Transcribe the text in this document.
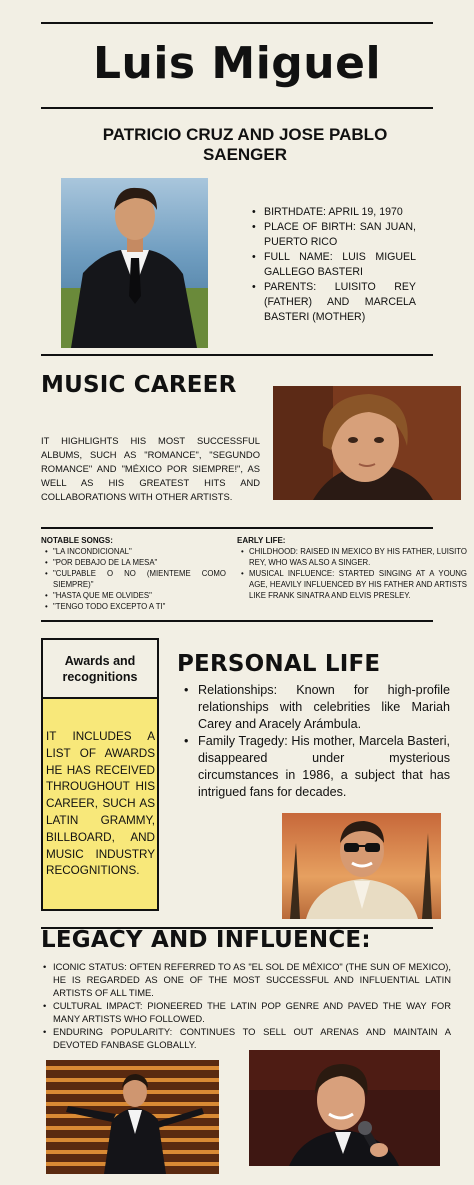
Luis Miguel
PATRICIO CRUZ AND JOSE PABLO SAENGER
• BIRTHDATE: APRIL 19, 1970
• PLACE OF BIRTH: SAN JUAN, PUERTO RICO
• FULL NAME: LUIS MIGUEL GALLEGO BASTERI
• PARENTS: LUISITO REY (FATHER) AND MARCELA BASTERI (MOTHER)
MUSIC CAREER
IT HIGHLIGHTS HIS MOST SUCCESSFUL ALBUMS, SUCH AS "ROMANCE", "SEGUNDO ROMANCE" AND "MÉXICO POR SIEMPRE!", AS WELL AS HIS GREATEST HITS AND COLLABORATIONS WITH OTHER ARTISTS.
NOTABLE SONGS:
• "LA INCONDICIONAL"
• "POR DEBAJO DE LA MESA"
• "CULPABLE O NO (MIENTEME COMO SIEMPRE)"
• "HASTA QUE ME OLVIDES"
• "TENGO TODO EXCEPTO A TI"
EARLY LIFE:
• CHILDHOOD: RAISED IN MEXICO BY HIS FATHER, LUISITO REY, WHO WAS ALSO A SINGER.
• MUSICAL INFLUENCE: STARTED SINGING AT A YOUNG AGE, HEAVILY INFLUENCED BY HIS FATHER AND ARTISTS LIKE FRANK SINATRA AND ELVIS PRESLEY.
Awards and recognitions
IT INCLUDES A LIST OF AWARDS HE HAS RECEIVED THROUGHOUT HIS CAREER, SUCH AS LATIN GRAMMY, BILLBOARD, AND MUSIC INDUSTRY RECOGNITIONS.
PERSONAL LIFE
• Relationships: Known for high-profile relationships with celebrities like Mariah Carey and Aracely Arámbula.
• Family Tragedy: His mother, Marcela Basteri, disappeared under mysterious circumstances in 1986, a subject that has intrigued fans for decades.
LEGACY AND INFLUENCE:
• ICONIC STATUS: OFTEN REFERRED TO AS "EL SOL DE MÉXICO" (THE SUN OF MEXICO), HE IS REGARDED AS ONE OF THE MOST SUCCESSFUL AND INFLUENTIAL LATIN ARTISTS OF ALL TIME.
• CULTURAL IMPACT: PIONEERED THE LATIN POP GENRE AND PAVED THE WAY FOR MANY ARTISTS WHO FOLLOWED.
• ENDURING POPULARITY: CONTINUES TO SELL OUT ARENAS AND MAINTAIN A DEVOTED FANBASE GLOBALLY.
